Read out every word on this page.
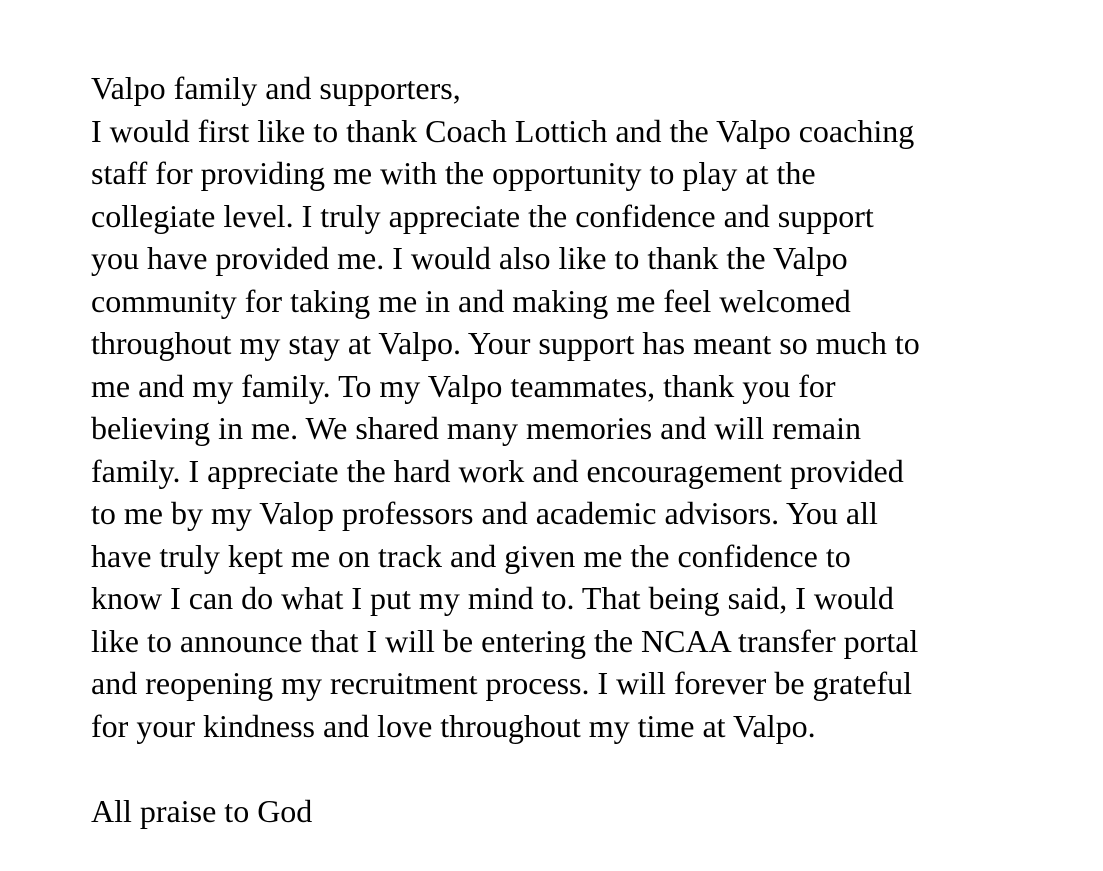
Valpo family and supporters,
I would first like to thank Coach Lottich and the Valpo coaching
staff for providing me with the opportunity to play at the
collegiate level. I truly appreciate the confidence and support
you have provided me. I would also like to thank the Valpo
community for taking me in and making me feel welcomed
throughout my stay at Valpo. Your support has meant so much to
me and my family. To my Valpo teammates, thank you for
believing in me. We shared many memories and will remain
family. I appreciate the hard work and encouragement provided
to me by my Valop professors and academic advisors. You all
have truly kept me on track and given me the confidence to
know I can do what I put my mind to. That being said, I would
like to announce that I will be entering the NCAA transfer portal
and reopening my recruitment process. I will forever be grateful
for your kindness and love throughout my time at Valpo.
All praise to God
